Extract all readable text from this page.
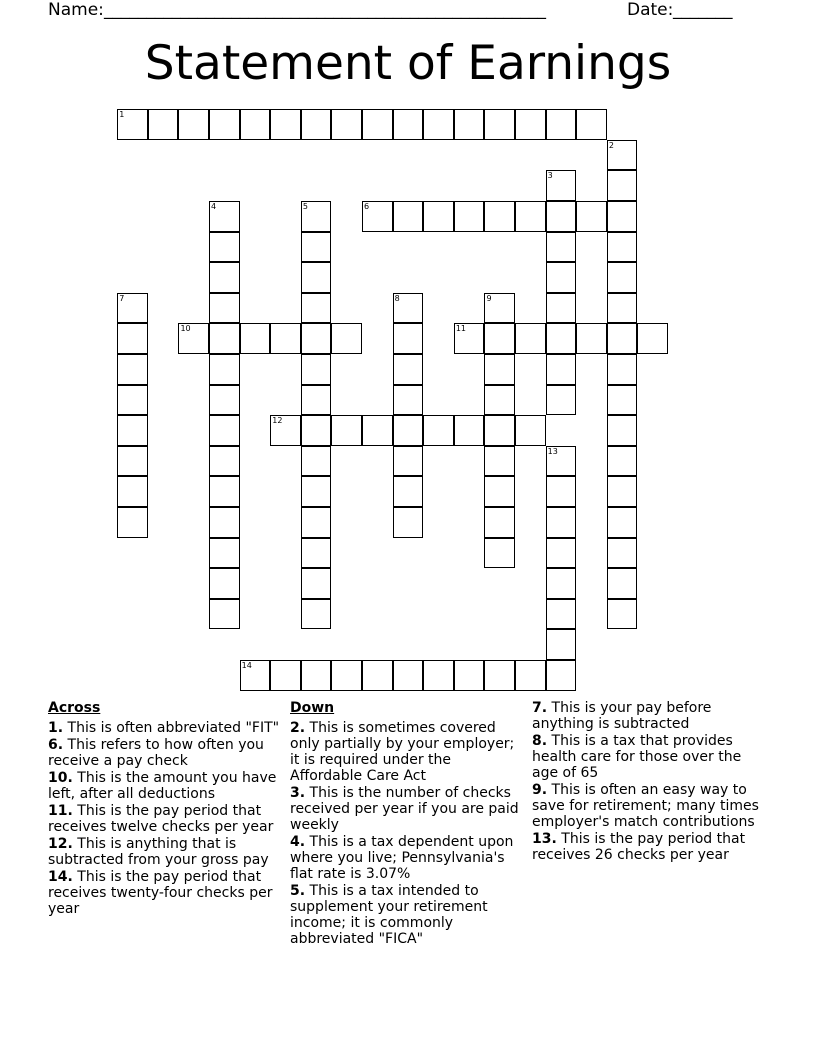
Name: ____________________________________________________	Date: _______
Statement of Earnings
1
2
3
4	5	6
7	8	9
10	11
12
13
14
Across
1. This is often abbreviated "FIT"
6. This refers to how often you receive a pay check
10. This is the amount you have left, after all deductions
11. This is the pay period that receives twelve checks per year
12. This is anything that is subtracted from your gross pay
14. This is the pay period that receives twenty-four checks per year
Down
2. This is sometimes covered only partially by your employer; it is required under the Affordable Care Act
3. This is the number of checks received per year if you are paid weekly
4. This is a tax dependent upon where you live; Pennsylvania's flat rate is 3.07%
5. This is a tax intended to supplement your retirement income; it is commonly abbreviated "FICA"
7. This is your pay before anything is subtracted
8. This is a tax that provides health care for those over the age of 65
9. This is often an easy way to save for retirement; many times employer's match contributions
13. This is the pay period that receives 26 checks per year
